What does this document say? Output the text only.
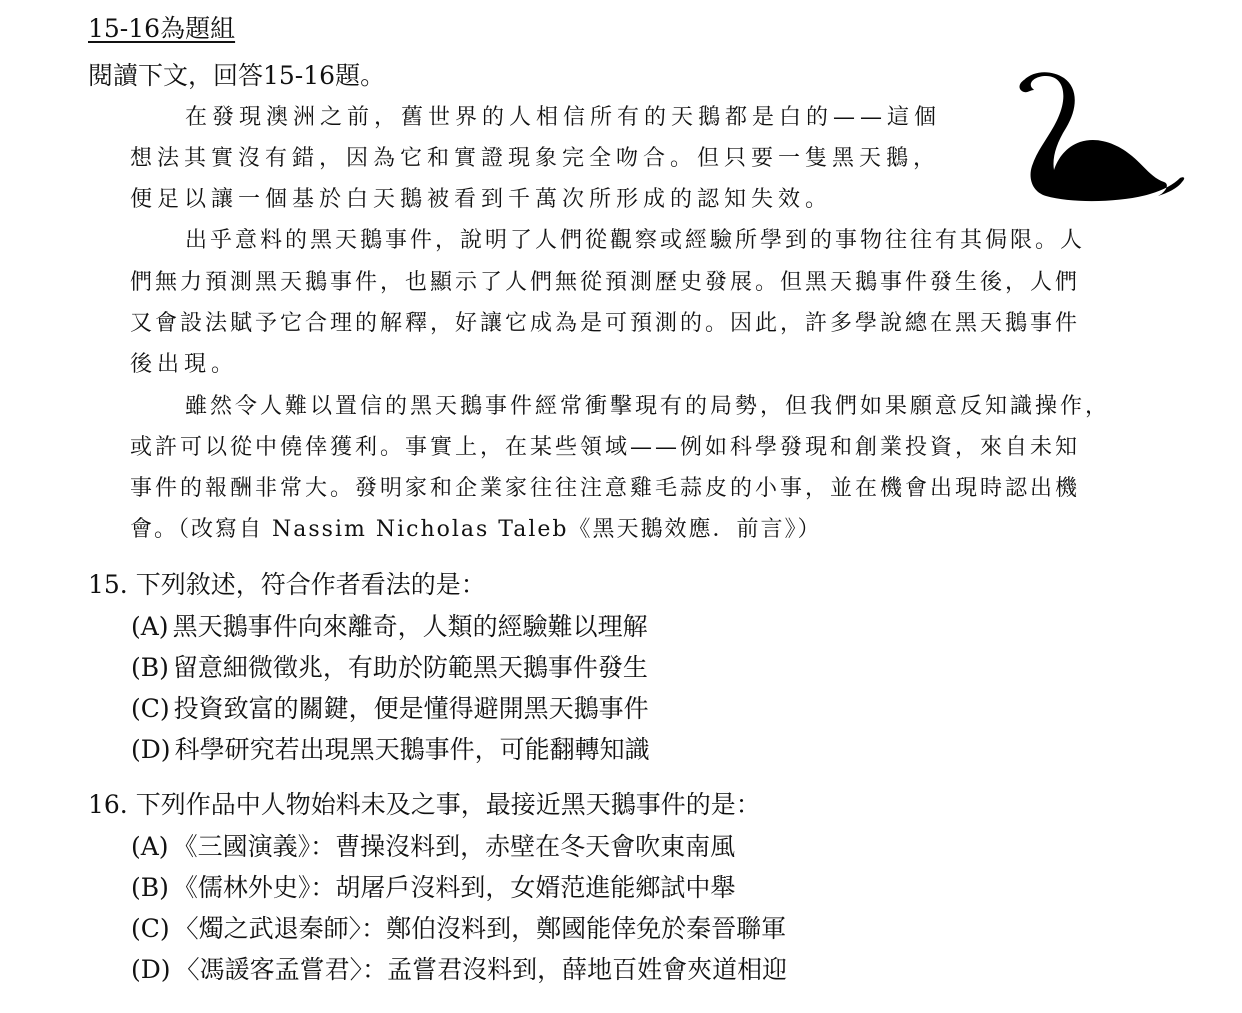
15-16為題組
閱讀下文，回答15-16題。
在發現澳洲之前，舊世界的人相信所有的天鵝都是白的——這個
想法其實沒有錯，因為它和實證現象完全吻合。但只要一隻黑天鵝，
便足以讓一個基於白天鵝被看到千萬次所形成的認知失效。
出乎意料的黑天鵝事件，說明了人們從觀察或經驗所學到的事物往往有其侷限。人
們無力預測黑天鵝事件，也顯示了人們無從預測歷史發展。但黑天鵝事件發生後，人們
又會設法賦予它合理的解釋，好讓它成為是可預測的。因此，許多學說總在黑天鵝事件
後出現。
雖然令人難以置信的黑天鵝事件經常衝擊現有的局勢，但我們如果願意反知識操作，
或許可以從中僥倖獲利。事實上，在某些領域——例如科學發現和創業投資，來自未知
事件的報酬非常大。發明家和企業家往往注意雞毛蒜皮的小事，並在機會出現時認出機
會。（改寫自 Nassim Nicholas Taleb《黑天鵝效應．前言》）
15. 下列敘述，符合作者看法的是：
(A) 黑天鵝事件向來離奇，人類的經驗難以理解
(B) 留意細微徵兆，有助於防範黑天鵝事件發生
(C) 投資致富的關鍵，便是懂得避開黑天鵝事件
(D) 科學研究若出現黑天鵝事件，可能翻轉知識
16. 下列作品中人物始料未及之事，最接近黑天鵝事件的是：
(A) 《三國演義》：曹操沒料到，赤壁在冬天會吹東南風
(B) 《儒林外史》：胡屠戶沒料到，女婿范進能鄉試中舉
(C) 〈燭之武退秦師〉：鄭伯沒料到，鄭國能倖免於秦晉聯軍
(D) 〈馮諼客孟嘗君〉：孟嘗君沒料到，薛地百姓會夾道相迎
